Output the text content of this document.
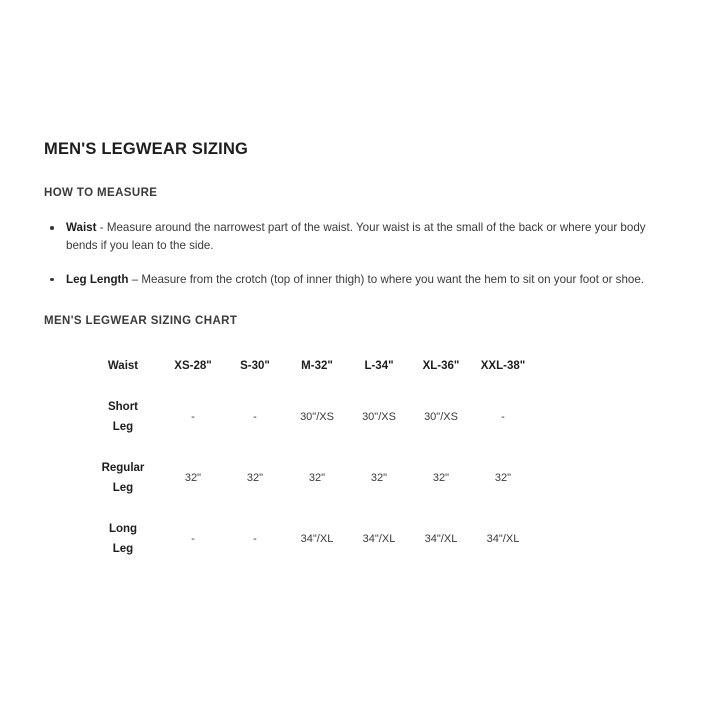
MEN'S LEGWEAR SIZING
HOW TO MEASURE
Waist - Measure around the narrowest part of the waist. Your waist is at the small of the back or where your body bends if you lean to the side.
Leg Length – Measure from the crotch (top of inner thigh) to where you want the hem to sit on your foot or shoe.
MEN'S LEGWEAR SIZING CHART
Waist	XS-28"	S-30"	M-32"	L-34"	XL-36"	XXL-38"

Short
Leg	-	-	30"/XS	30"/XS	30"/XS	-

Regular
Leg	32"	32"	32"	32"	32"	32"

Long
Leg	-	-	34"/XL	34"/XL	34"/XL	34"/XL
